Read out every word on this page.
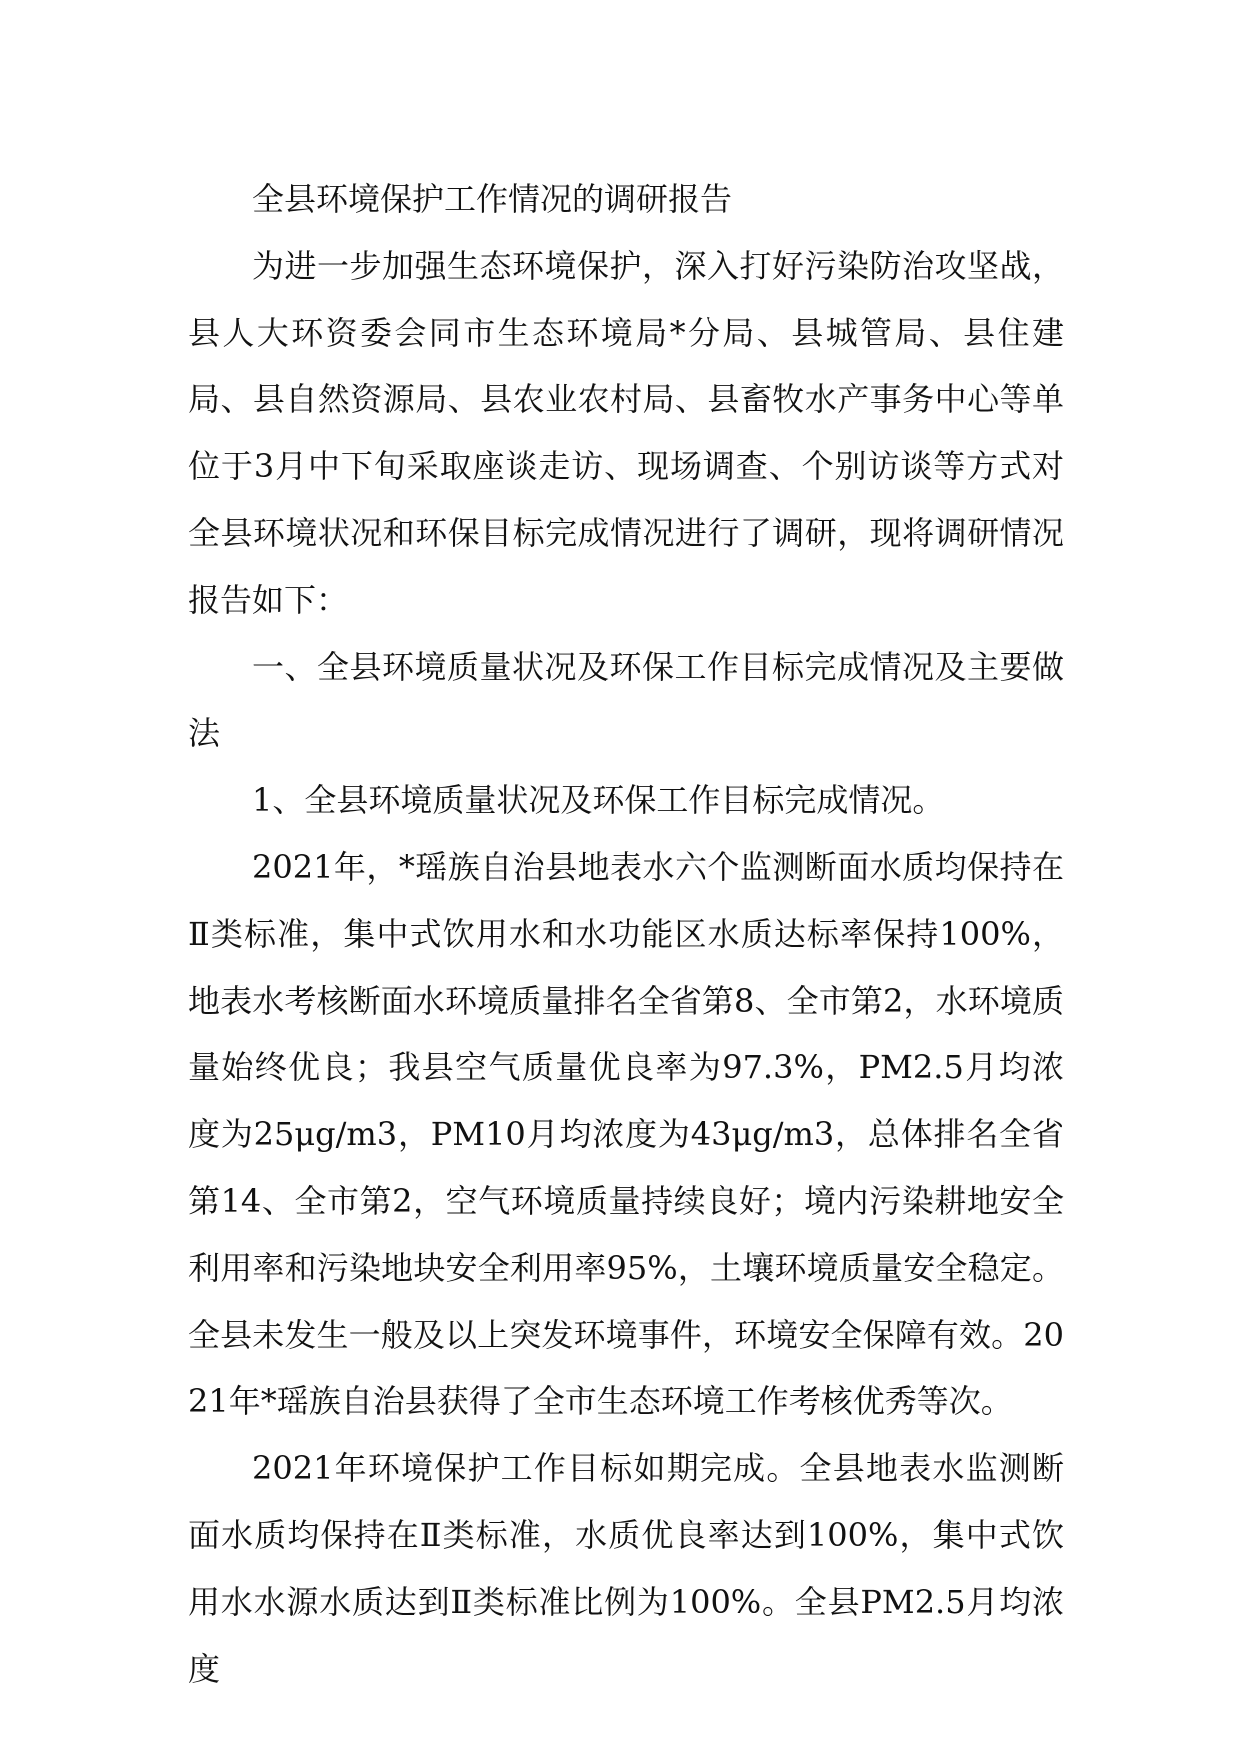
全县环境保护工作情况的调研报告

为进一步加强生态环境保护，深入打好污染防治攻坚战，县人大环资委会同市生态环境局*分局、县城管局、县住建局、县自然资源局、县农业农村局、县畜牧水产事务中心等单位于3月中下旬采取座谈走访、现场调查、个别访谈等方式对全县环境状况和环保目标完成情况进行了调研，现将调研情况报告如下：

一、全县环境质量状况及环保工作目标完成情况及主要做法

1、全县环境质量状况及环保工作目标完成情况。

2021年，*瑶族自治县地表水六个监测断面水质均保持在Ⅱ类标准，集中式饮用水和水功能区水质达标率保持100%，地表水考核断面水环境质量排名全省第8、全市第2，水环境质量始终优良；我县空气质量优良率为97.3%，PM2.5月均浓度为25μg/m3，PM10月均浓度为43μg/m3，总体排名全省第14、全市第2，空气环境质量持续良好；境内污染耕地安全利用率和污染地块安全利用率95%，土壤环境质量安全稳定。全县未发生一般及以上突发环境事件，环境安全保障有效。2021年*瑶族自治县获得了全市生态环境工作考核优秀等次。

2021年环境保护工作目标如期完成。全县地表水监测断面水质均保持在Ⅱ类标准，水质优良率达到100%，集中式饮用水水源水质达到Ⅱ类标准比例为100%。全县PM2.5月均浓度
